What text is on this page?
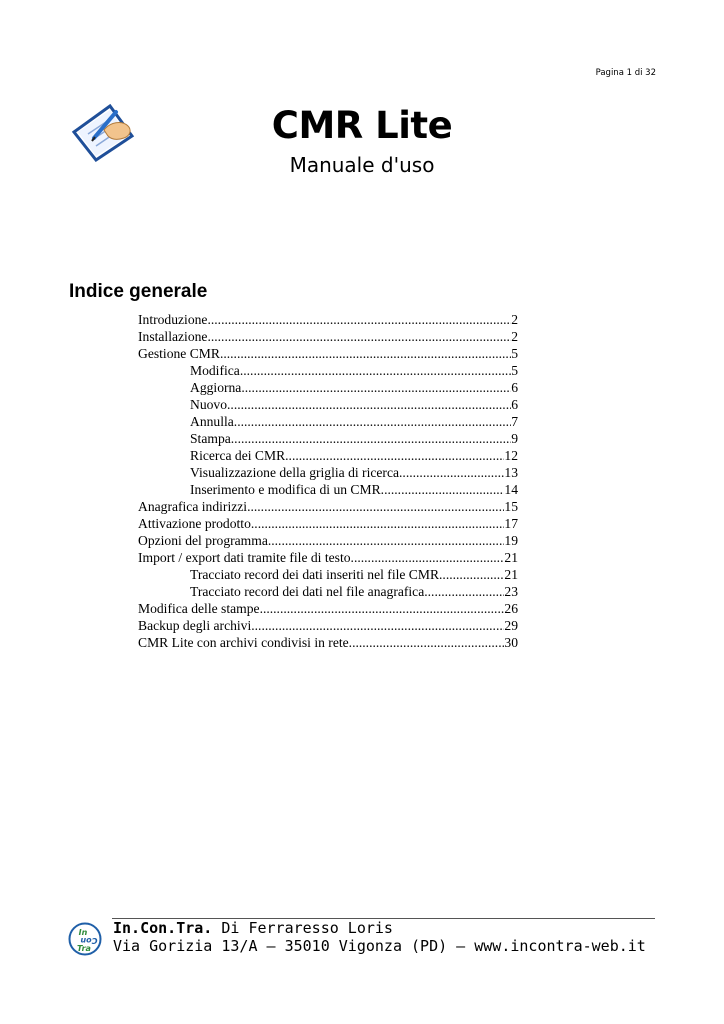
Pagina 1 di 32
CMR Lite
Manuale d'uso
Indice generale
Introduzione .....	2
Installazione .....	2
Gestione CMR .....	5
Modifica .....	5
Aggiorna .....	6
Nuovo .....	6
Annulla .....	7
Stampa .....	9
Ricerca dei CMR .....	12
Visualizzazione della griglia di ricerca .....	13
Inserimento e modifica di un CMR .....	14
Anagrafica indirizzi .....	15
Attivazione prodotto .....	17
Opzioni del programma .....	19
Import / export dati tramite file di testo .....	21
Tracciato record dei dati inseriti nel file CMR .....	21
Tracciato record dei dati nel file anagrafica .....	23
Modifica delle stampe .....	26
Backup degli archivi .....	29
CMR Lite con archivi condivisi in rete .....	30
In
Con
Tra
In.Con.Tra. Di Ferraresso Loris
Via Gorizia 13/A – 35010 Vigonza (PD) – www.incontra-web.it
